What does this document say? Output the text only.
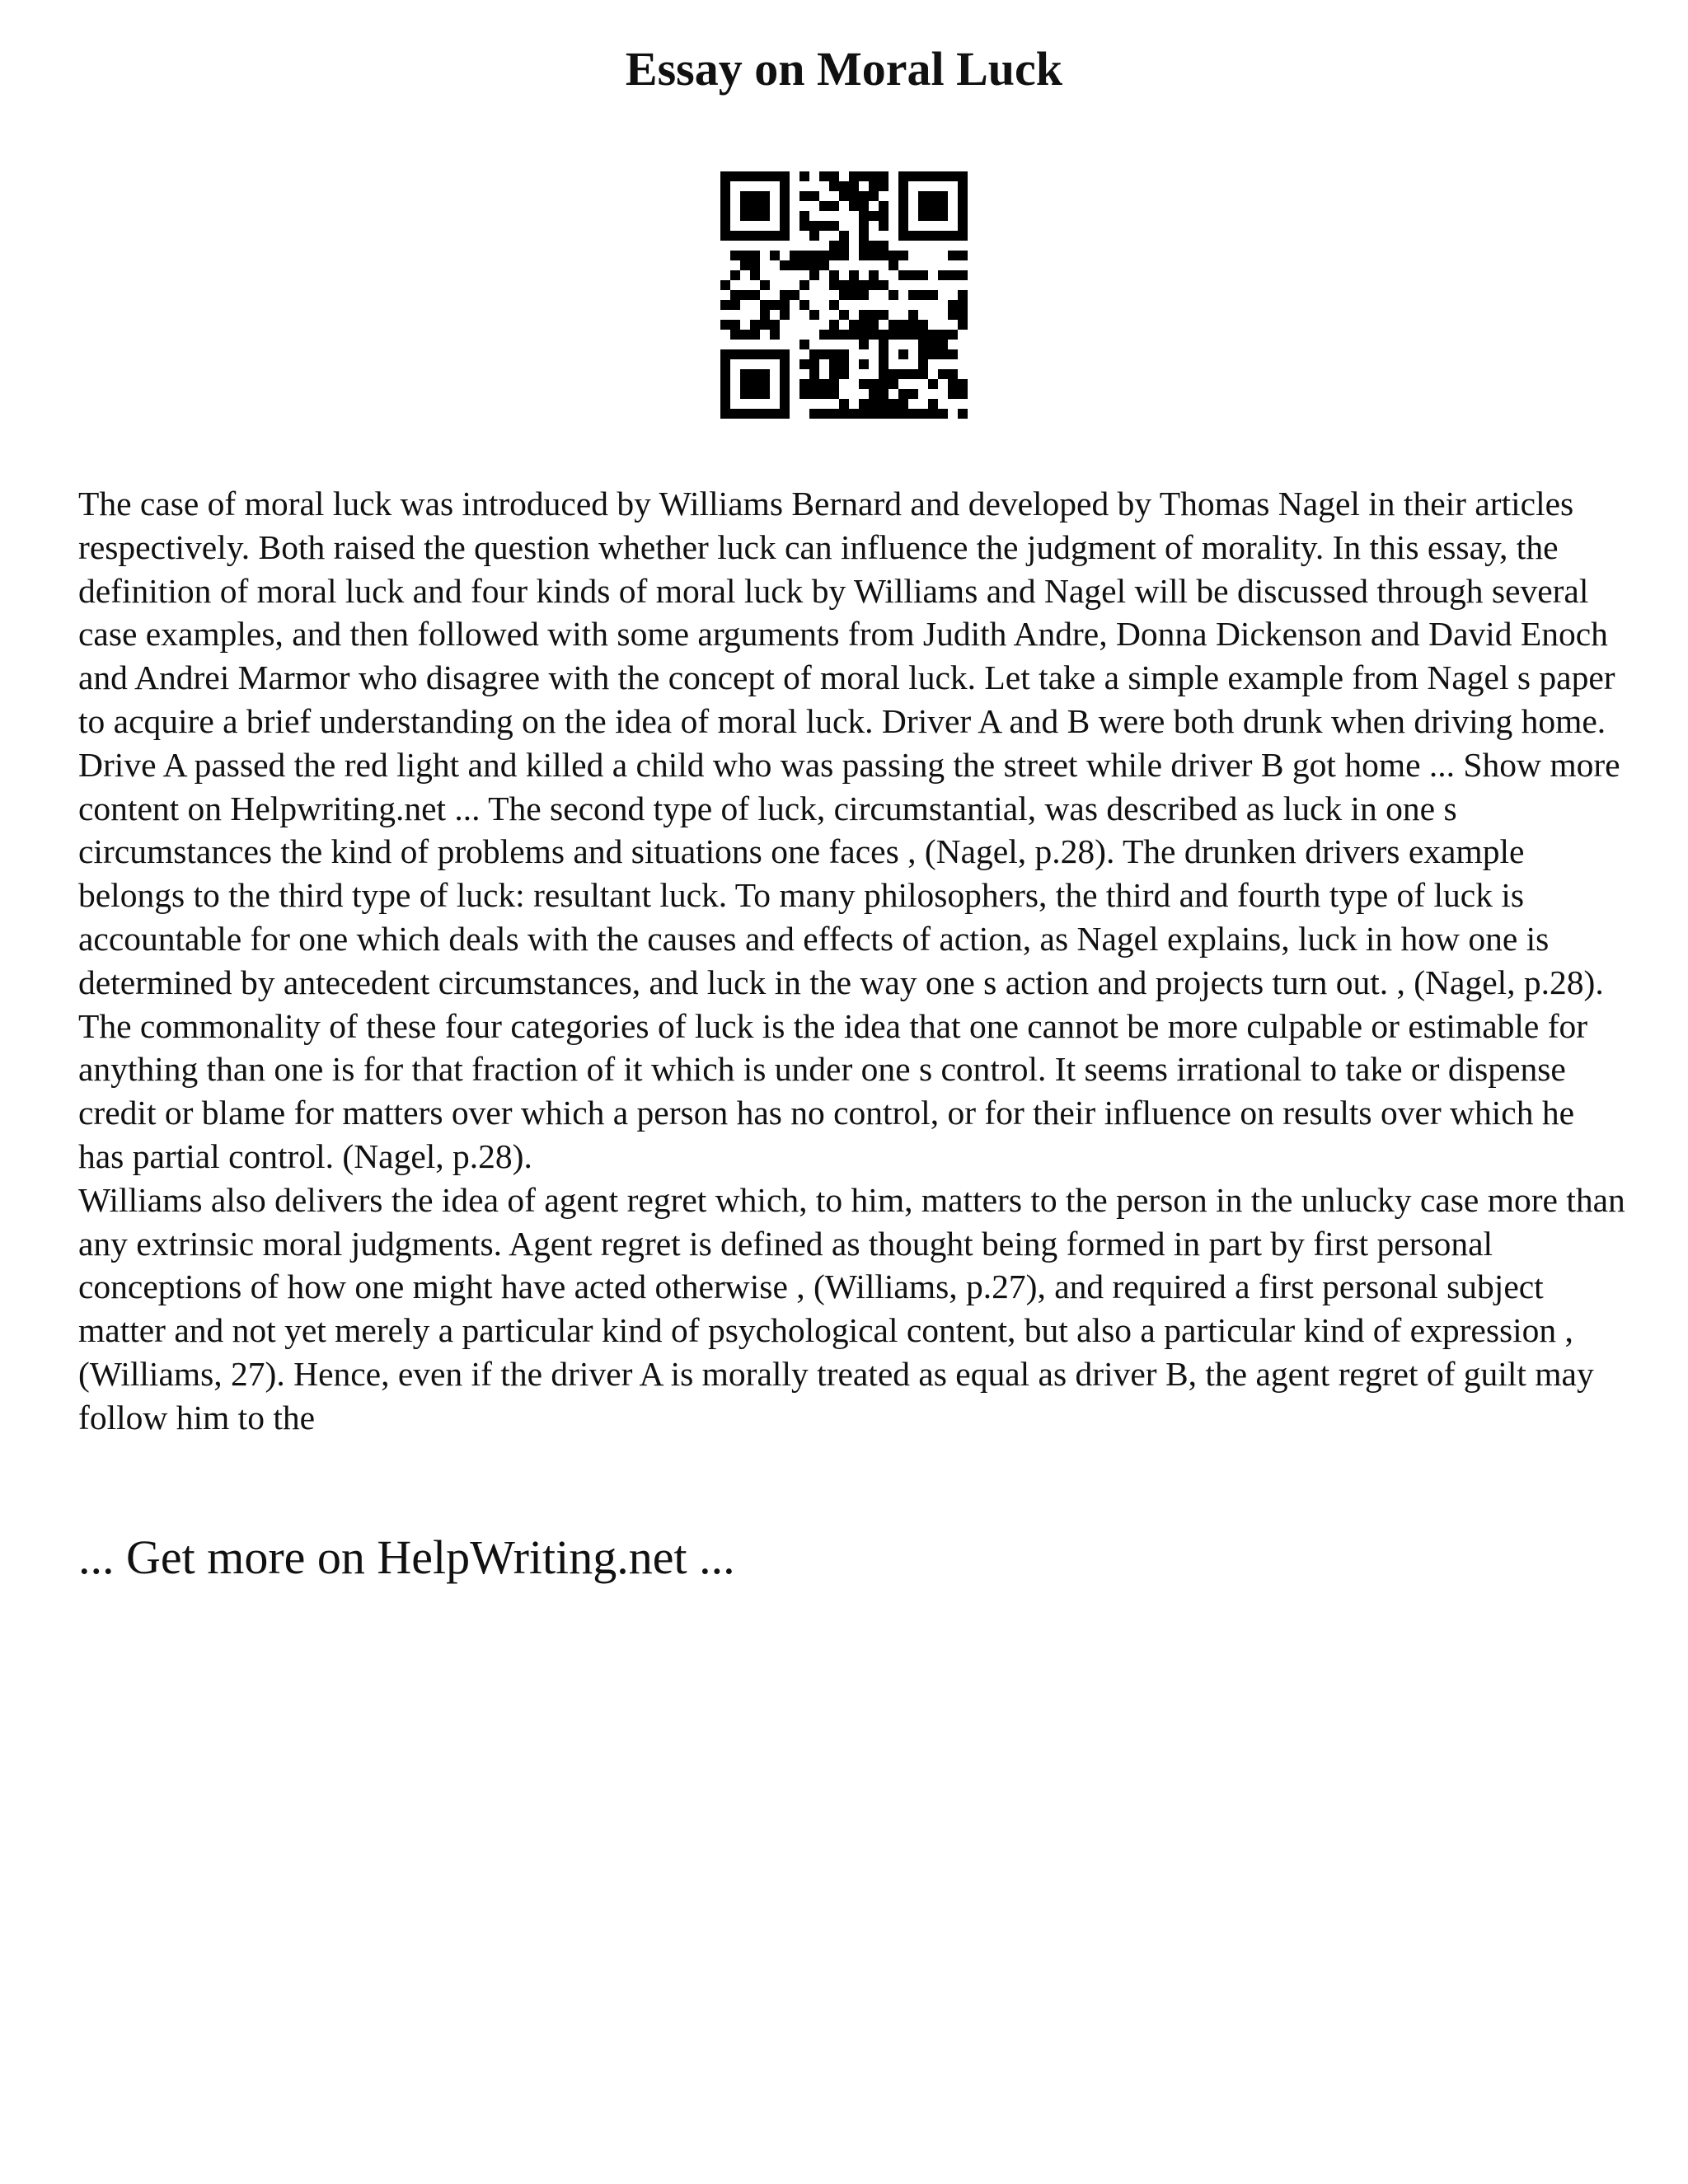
Essay on Moral Luck

The case of moral luck was introduced by Williams Bernard and developed by Thomas Nagel in their articles respectively. Both raised the question whether luck can influence the judgment of morality. In this essay, the definition of moral luck and four kinds of moral luck by Williams and Nagel will be discussed through several case examples, and then followed with some arguments from Judith Andre, Donna Dickenson and David Enoch and Andrei Marmor who disagree with the concept of moral luck. Let take a simple example from Nagel s paper to acquire a brief understanding on the idea of moral luck. Driver A and B were both drunk when driving home. Drive A passed the red light and killed a child who was passing the street while driver B got home ... Show more content on Helpwriting.net ... The second type of luck, circumstantial, was described as luck in one s circumstances the kind of problems and situations one faces , (Nagel, p.28). The drunken drivers example belongs to the third type of luck: resultant luck. To many philosophers, the third and fourth type of luck is accountable for one which deals with the causes and effects of action, as Nagel explains, luck in how one is determined by antecedent circumstances, and luck in the way one s action and projects turn out. , (Nagel, p.28). The commonality of these four categories of luck is the idea that one cannot be more culpable or estimable for anything than one is for that fraction of it which is under one s control. It seems irrational to take or dispense credit or blame for matters over which a person has no control, or for their influence on results over which he has partial control. (Nagel, p.28).

Williams also delivers the idea of agent regret which, to him, matters to the person in the unlucky case more than any extrinsic moral judgments. Agent regret is defined as thought being formed in part by first personal conceptions of how one might have acted otherwise , (Williams, p.27), and required a first personal subject matter and not yet merely a particular kind of psychological content, but also a particular kind of expression , (Williams, 27). Hence, even if the driver A is morally treated as equal as driver B, the agent regret of guilt may follow him to the

... Get more on HelpWriting.net ...
